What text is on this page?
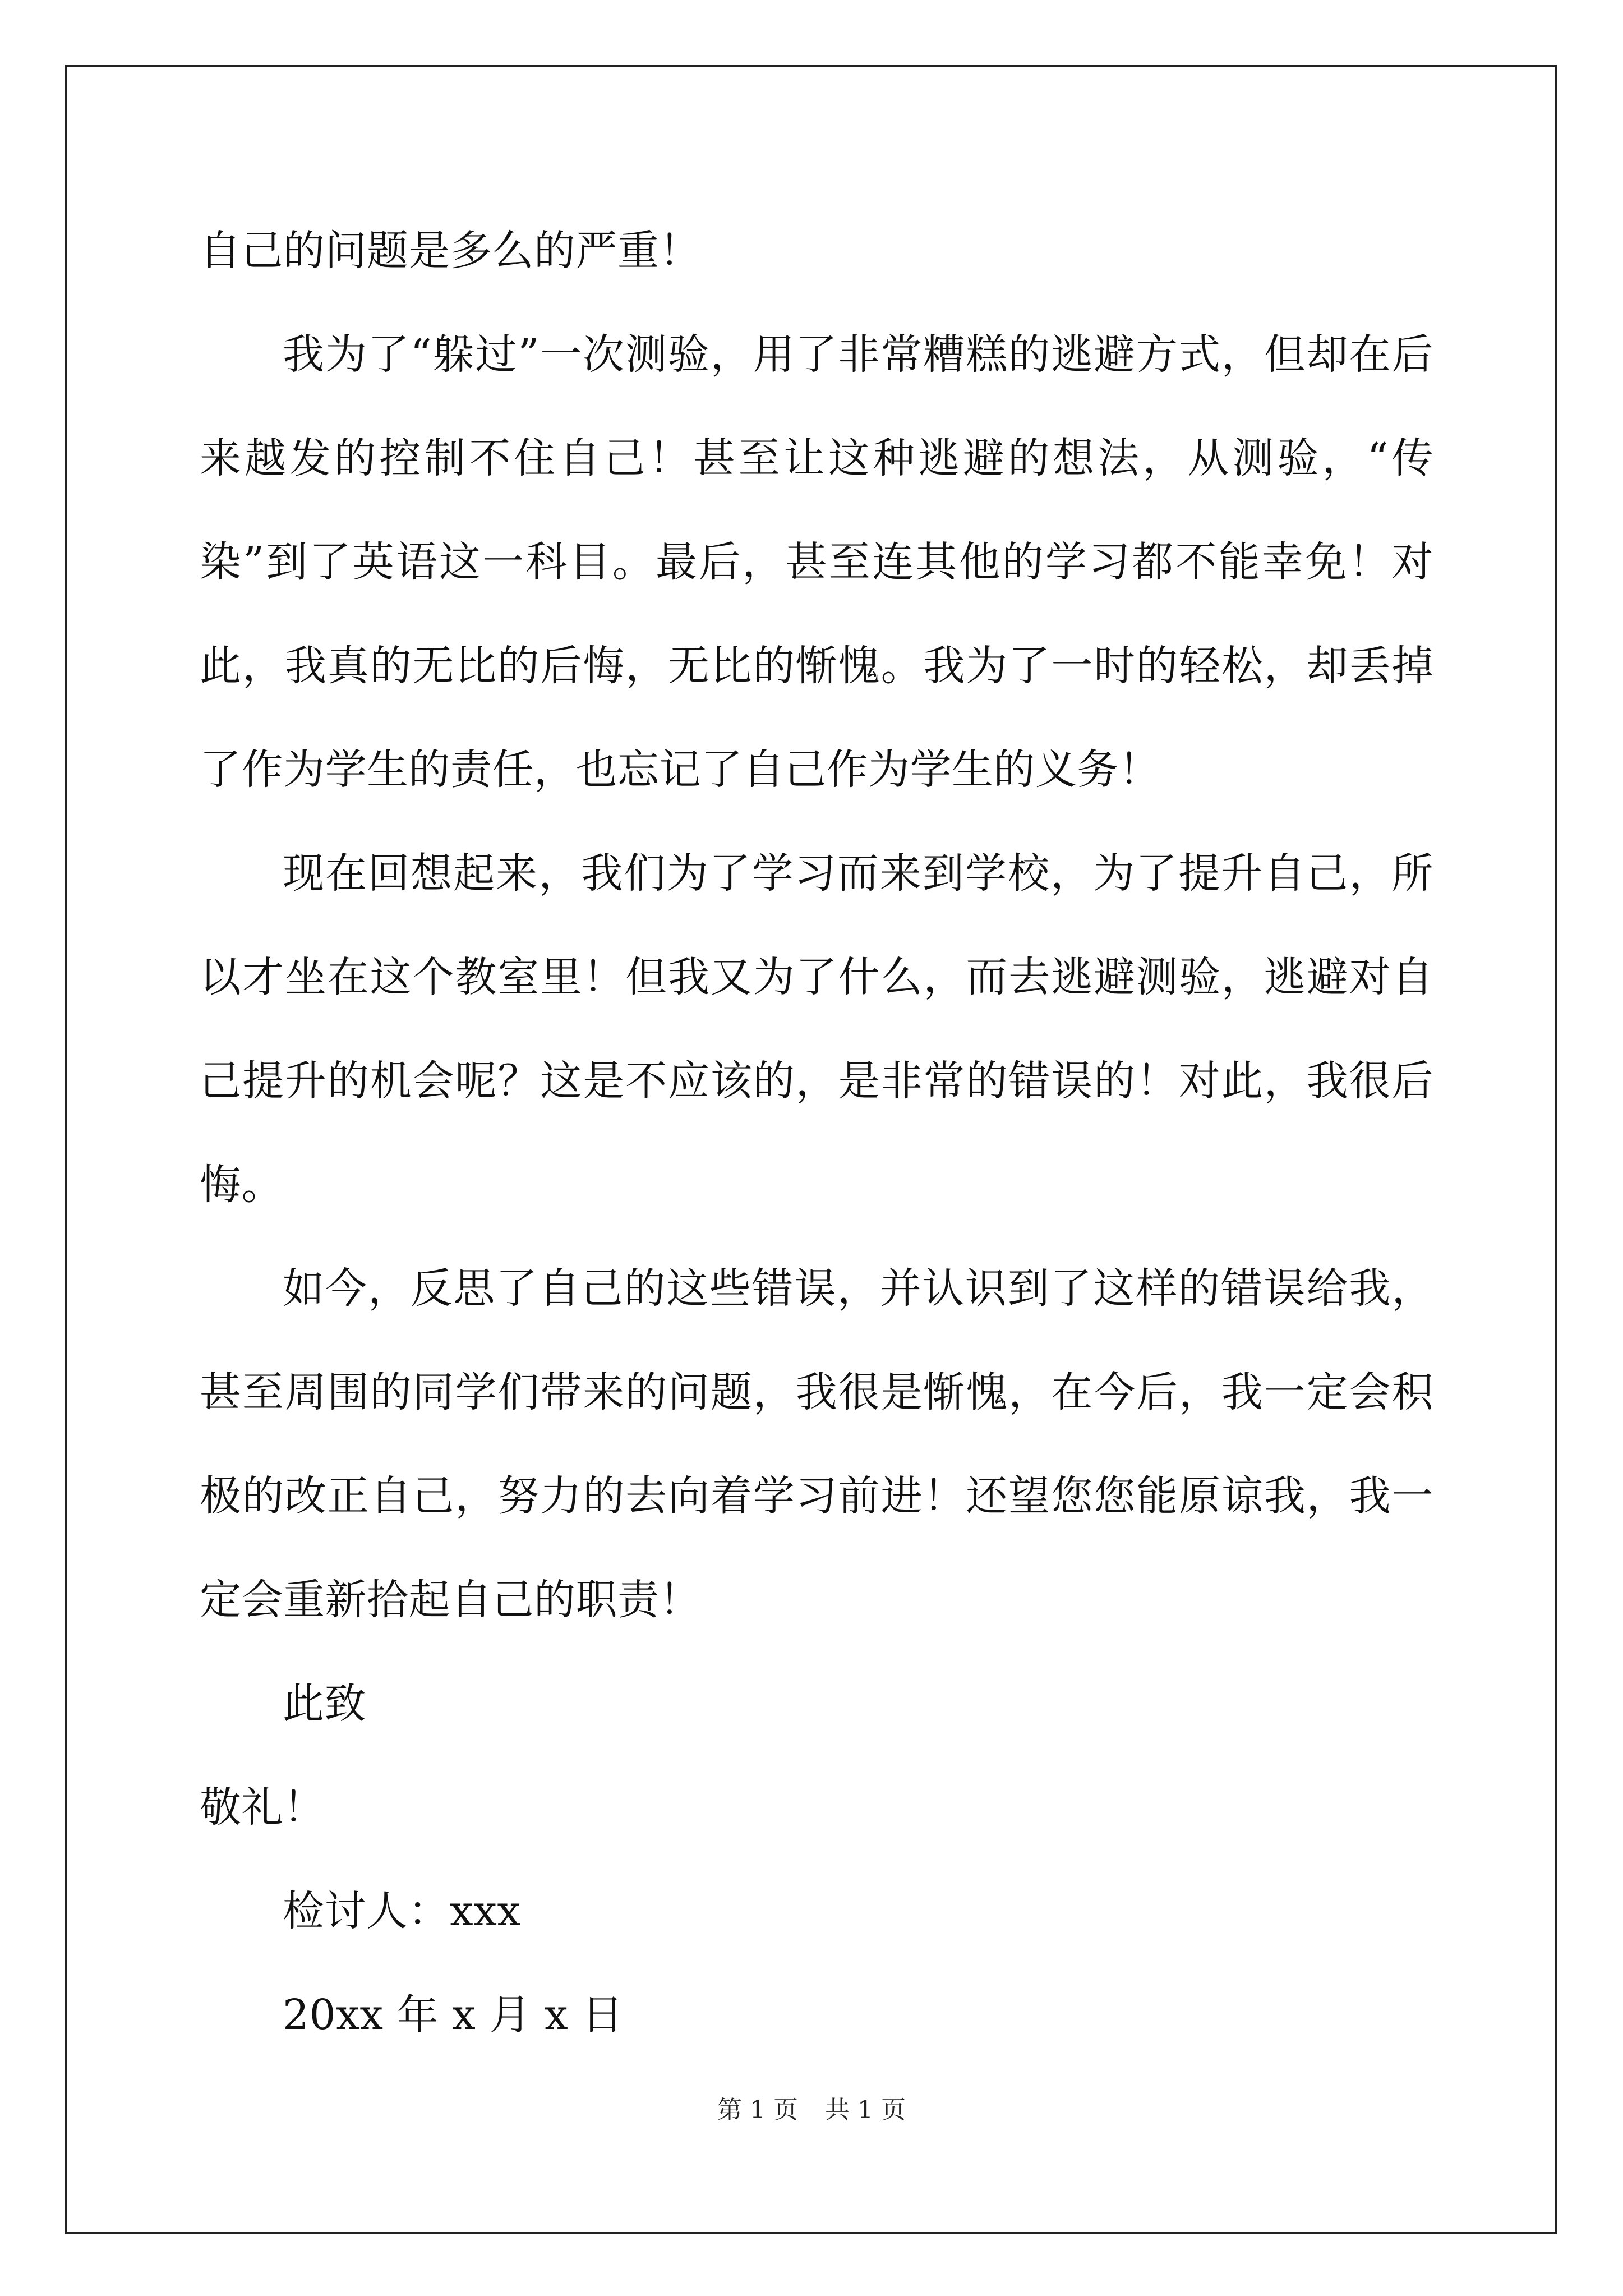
自己的问题是多么的严重！

我为了“躲过”一次测验，用了非常糟糕的逃避方式，但却在后来越发的控制不住自己！甚至让这种逃避的想法，从测验，“传染”到了英语这一科目。最后，甚至连其他的学习都不能幸免！对此，我真的无比的后悔，无比的惭愧。我为了一时的轻松，却丢掉了作为学生的责任，也忘记了自己作为学生的义务！

现在回想起来，我们为了学习而来到学校，为了提升自己，所以才坐在这个教室里！但我又为了什么，而去逃避测验，逃避对自己提升的机会呢？这是不应该的，是非常的错误的！对此，我很后悔。

如今，反思了自己的这些错误，并认识到了这样的错误给我，甚至周围的同学们带来的问题，我很是惭愧，在今后，我一定会积极的改正自己，努力的去向着学习前进！还望您您能原谅我，我一定会重新拾起自己的职责！

此致

敬礼！

检讨人：xxx

20xx 年 x 月 x 日

第 1 页 共 1 页
